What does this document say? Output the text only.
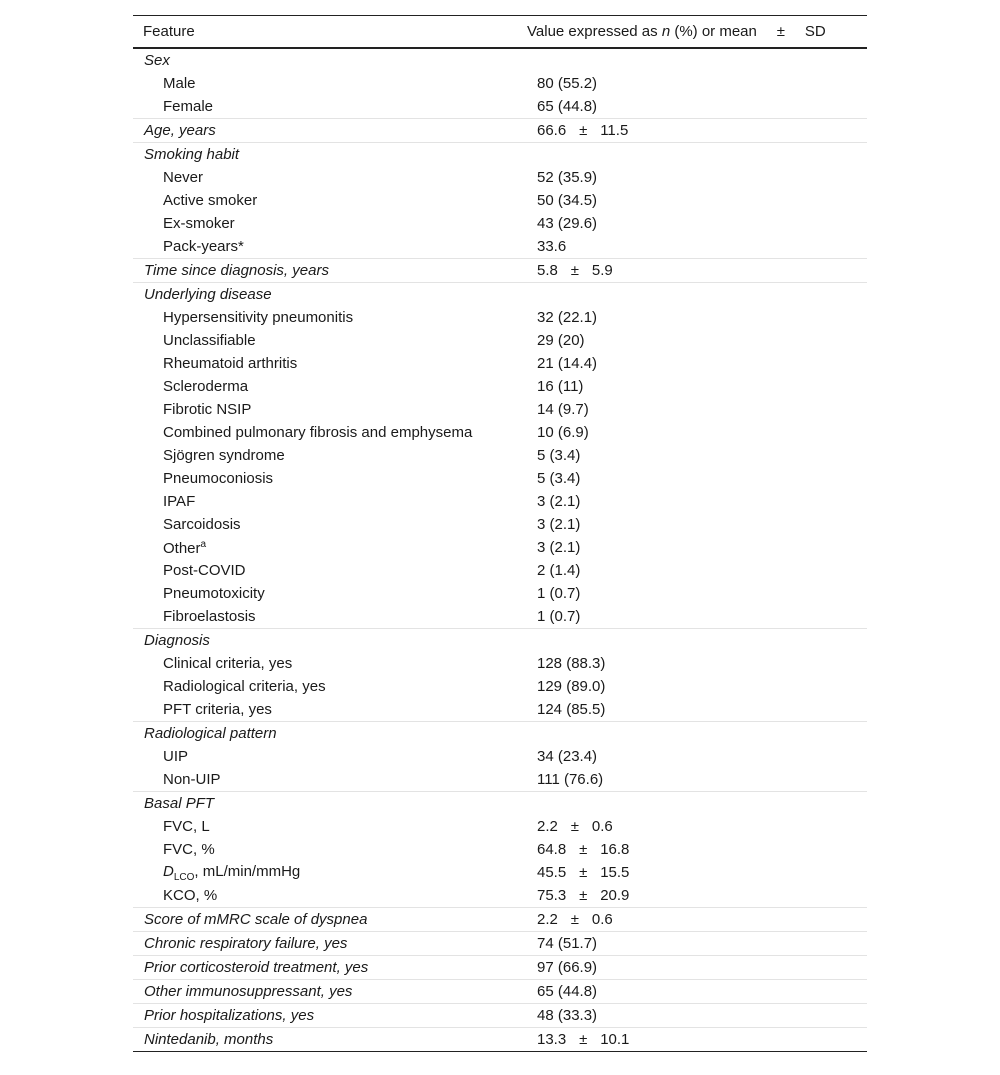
Feature	Value expressed as n (%) or mean ± SD
Sex
Male	80 (55.2)
Female	65 (44.8)
Age, years	66.6 ± 11.5
Smoking habit
Never	52 (35.9)
Active smoker	50 (34.5)
Ex-smoker	43 (29.6)
Pack-years*	33.6
Time since diagnosis, years	5.8 ± 5.9
Underlying disease
Hypersensitivity pneumonitis	32 (22.1)
Unclassifiable	29 (20)
Rheumatoid arthritis	21 (14.4)
Scleroderma	16 (11)
Fibrotic NSIP	14 (9.7)
Combined pulmonary fibrosis and emphysema	10 (6.9)
Sjögren syndrome	5 (3.4)
Pneumoconiosis	5 (3.4)
IPAF	3 (2.1)
Sarcoidosis	3 (2.1)
Other$^a$	3 (2.1)
Post-COVID	2 (1.4)
Pneumotoxicity	1 (0.7)
Fibroelastosis	1 (0.7)
Diagnosis
Clinical criteria, yes	128 (88.3)
Radiological criteria, yes	129 (89.0)
PFT criteria, yes	124 (85.5)
Radiological pattern
UIP	34 (23.4)
Non-UIP	111 (76.6)
Basal PFT
FVC, L	2.2 ± 0.6
FVC, %	64.8 ± 16.8
$D_{LCO}$, mL/min/mmHg	45.5 ± 15.5
KCO, %	75.3 ± 20.9
Score of mMRC scale of dyspnea	2.2 ± 0.6
Chronic respiratory failure, yes	74 (51.7)
Prior corticosteroid treatment, yes	97 (66.9)
Other immunosuppressant, yes	65 (44.8)
Prior hospitalizations, yes	48 (33.3)
Nintedanib, months	13.3 ± 10.1
